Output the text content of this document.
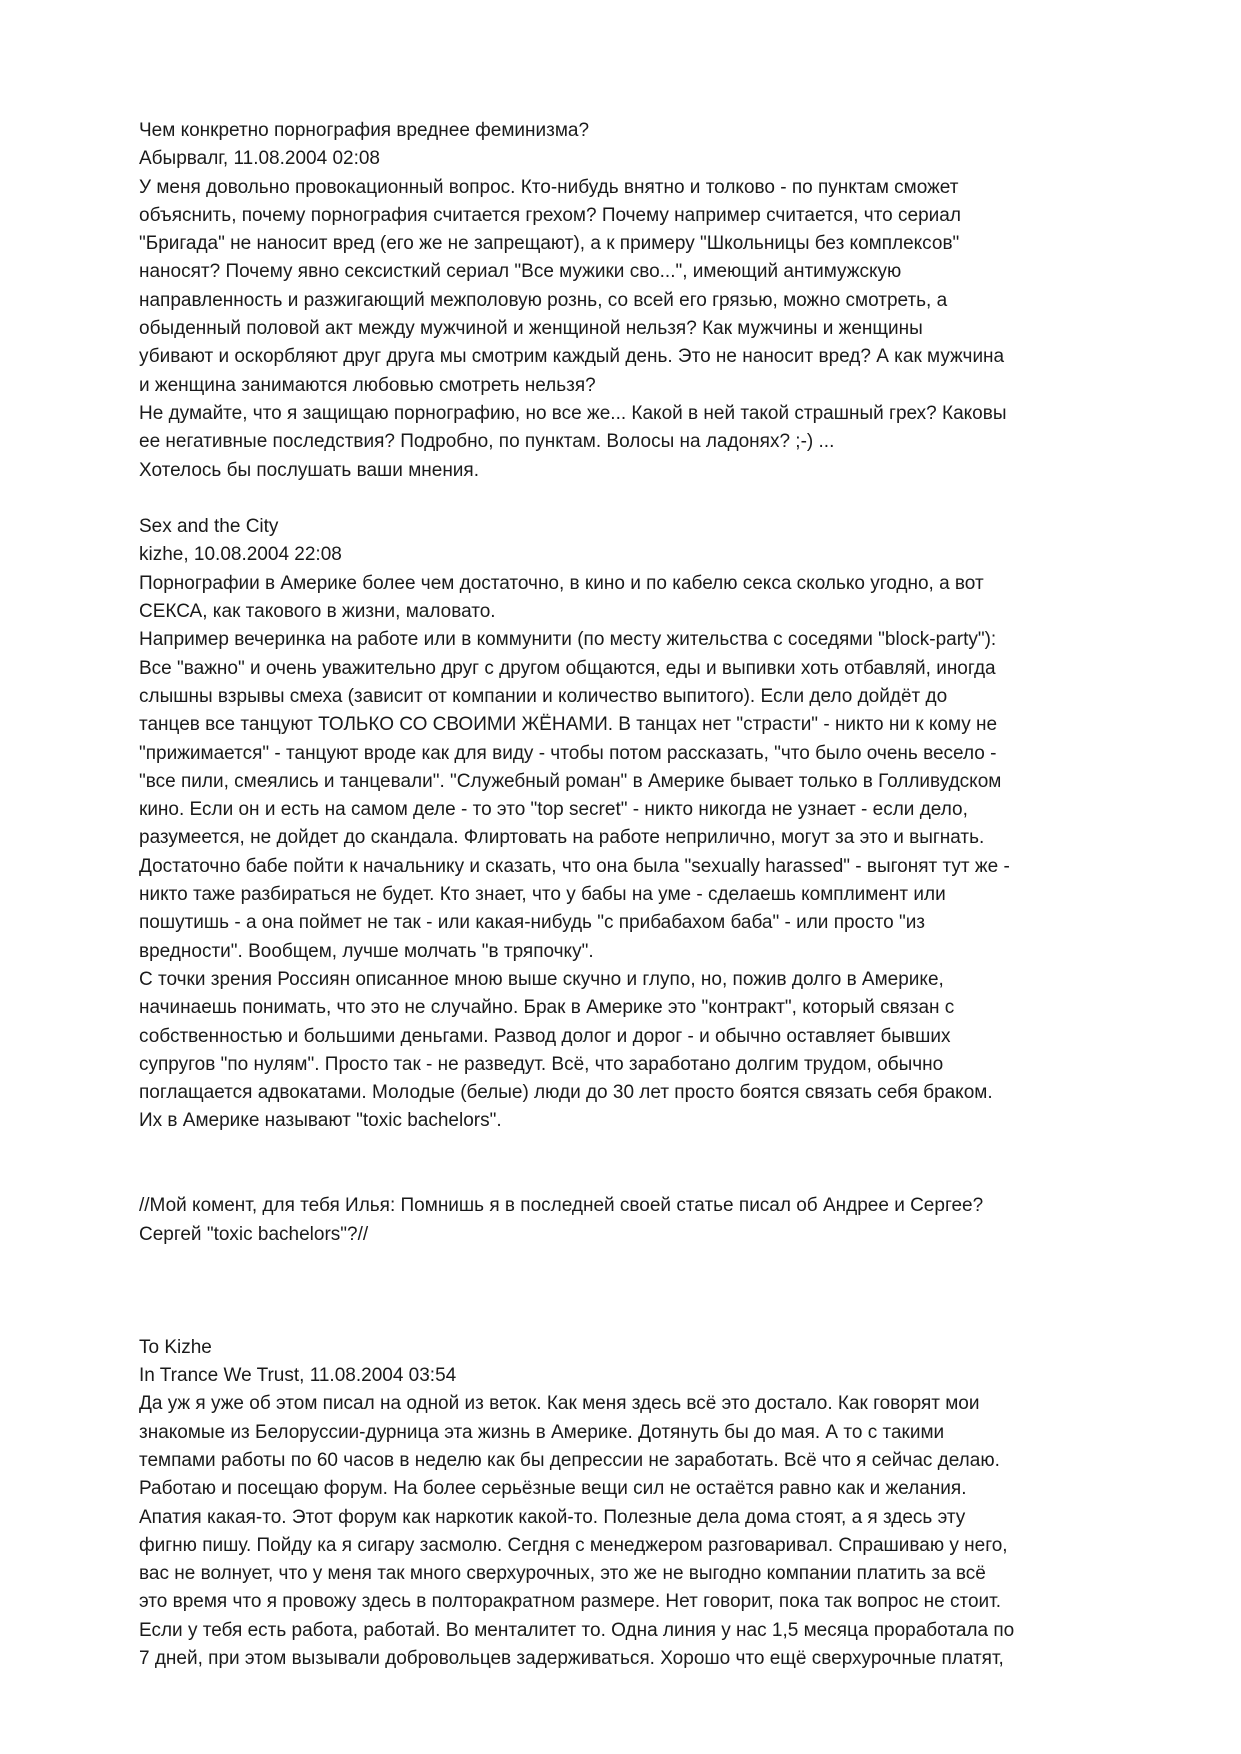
Чем конкретно порнография вреднее феминизма?
Абырвалг, 11.08.2004 02:08
У меня довольно провокационный вопрос. Кто-нибудь внятно и толково - по пунктам сможет
объяснить, почему порнография считается грехом? Почему например считается, что сериал
"Бригада" не наносит вред (его же не запрещают), а к примеру "Школьницы без комплексов"
наносят? Почему явно сексисткий сериал "Все мужики сво...", имеющий антимужскую
направленность и разжигающий межполовую рознь, со всей его грязью, можно смотреть, а
обыденный половой акт между мужчиной и женщиной нельзя? Как мужчины и женщины
убивают и оскорбляют друг друга мы смотрим каждый день. Это не наносит вред? А как мужчина
и женщина занимаются любовью смотреть нельзя?
Не думайте, что я защищаю порнографию, но все же... Какой в ней такой страшный грех? Каковы
ее негативные последствия? Подробно, по пунктам. Волосы на ладонях? ;-) ...
Хотелось бы послушать ваши мнения.
Sex and the City
kizhe, 10.08.2004 22:08
Порнографии в Америке более чем достаточно, в кино и по кабелю секса сколько угодно, а вот
СЕКСА, как такового в жизни, маловато.
Например вечеринка на работе или в коммунити (по месту жительства с соседями "block-party"):
Все "важно" и очень уважительно друг с другом общаются, еды и выпивки хоть отбавляй, иногда
слышны взрывы смеха (зависит от компании и количество выпитого). Если дело дойдёт до
танцев все танцуют ТОЛЬКО СО СВОИМИ ЖЁНАМИ. В танцах нет "страсти" - никто ни к кому не
"прижимается" - танцуют вроде как для виду - чтобы потом рассказать, "что было очень весело -
"все пили, смеялись и танцевали". "Служебный роман" в Америке бывает только в Голливудском
кино. Если он и есть на самом деле - то это "top secret" - никто никогда не узнает - если дело,
разумеется, не дойдет до скандала. Флиртовать на работе неприлично, могут за это и выгнать.
Достаточно бабе пойти к начальнику и сказать, что она была "sexually harassed" - выгонят тут же -
никто таже разбираться не будет. Кто знает, что у бабы на уме - сделаешь комплимент или
пошутишь - а она поймет не так - или какая-нибудь "с прибабахом баба" - или просто "из
вредности". Вообщем, лучше молчать "в тряпочку".
С точки зрения Россиян описанное мною выше скучно и глупо, но, пожив долго в Америке,
начинаешь понимать, что это не случайно. Брак в Америке это "контракт", который связан с
собственностью и большими деньгами. Развод долог и дорог - и обычно оставляет бывших
супругов "по нулям". Просто так - не разведут. Всё, что заработано долгим трудом, обычно
поглащается адвокатами. Молодые (белые) люди до 30 лет просто боятся связать себя браком.
Их в Америке называют "toxic bachelors".
//Мой комент, для тебя Илья: Помнишь я в последней своей статье писал об Андрее и Сергее?
Сергей "toxic bachelors"?//
To Kizhe
In Trance We Trust, 11.08.2004 03:54
Да уж я уже об этом писал на одной из веток. Как меня здесь всё это достало. Как говорят мои
знакомые из Белоруссии-дурница эта жизнь в Америке. Дотянуть бы до мая. А то с такими
темпами работы по 60 часов в неделю как бы депрессии не заработать. Всё что я сейчас делаю.
Работаю и посещаю форум. На более серьёзные вещи сил не остаётся равно как и желания.
Апатия какая-то. Этот форум как наркотик какой-то. Полезные дела дома стоят, а я здесь эту
фигню пишу. Пойду ка я сигару засмолю. Сегдня с менеджером разговаривал. Спрашиваю у него,
вас не волнует, что у меня так много сверхурочных, это же не выгодно компании платить за всё
это время что я провожу здесь в полторакратном размере. Нет говорит, пока так вопрос не стоит.
Если у тебя есть работа, работай. Во менталитет то. Одна линия у нас 1,5 месяца проработала по
7 дней, при этом вызывали добровольцев задерживаться. Хорошо что ещё сверхурочные платят,
